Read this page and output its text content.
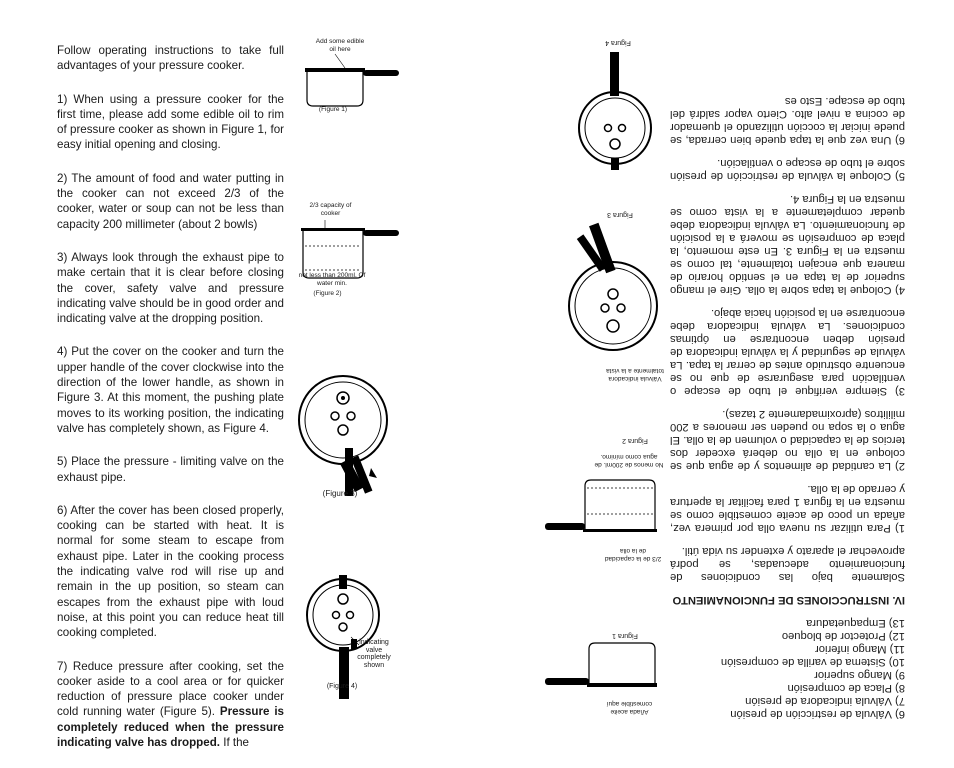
Follow operating instructions to take full advantages of your pressure cooker.

1) When using a pressure cooker for the first time, please add some edible oil to rim of pressure cooker as shown in Figure 1, for easy initial opening and closing.

2) The amount of food and water putting in the cooker can not exceed 2/3 of the cooker, water or soup can not be less than capacity 200 millimeter (about 2 bowls)

3) Always look through the exhaust pipe to make certain that it is clear before closing the cover, safety valve and pressure indicating valve should be in good order and indicating valve at the dropping position.

4) Put the cover on the cooker and turn the upper handle of the cover clockwise into the direction of the lower handle, as shown in Figure 3. At this moment, the pushing plate moves to its working position, the indicating valve has completely shown, as Figure 4.

5) Place the pressure - limiting valve on the exhaust pipe.

6) After the cover has been closed properly, cooking can be started with heat. It is normal for some steam to escape from exhaust pipe. Later in the cooking process the indicating valve rod will rise up and remain in the up position, so steam can escapes from the exhaust pipe with loud noise, at this point you can reduce heat till cooking completed.

7) Reduce pressure after cooking, set the cooker aside to a cool area or for quicker reduction of pressure place cooker under cold running water (Figure 5). Pressure is completely reduced when the pressure indicating valve has dropped. If the

Add some edible oil here
(Figure 1)
2/3 capacity of cooker
not less than 200ml. Of water min.
(Figure 2)
(Figure 3)
indicating valve completely shown
(Figure 4)
Añada aceite comestible aquí
Figura 1
2/3 de la capacidad de la olla
No menos de 200ml. de agua como mínimo.
Figura 2
Válvula indicadora totalmente a la vista
Figura 3
Figura 4
6) Válvula de restricción de presión
7) Válvula indicadora de presión
8) Placa de compresión
9) Mango superior
10) Sistema de varilla de compresión
11) Mango inferior
12) Protector de bloqueo
13) Empaquetadura

IV. INSTRUCCIONES DE FUNCIONAMIENTO

Solamente bajo las condiciones de funcionamiento adecuadas, se podrá aprovechar el aparato y extender su vida útil.

1) Para utilizar su nueva olla por primera vez, añada un poco de aceite comestible como se muestra en la figura 1 para facilitar la apertura y cerrado de la olla.

2) La cantidad de alimentos y de agua que se coloque en la olla no deberá exceder dos tercios de la capacidad o volumen de la olla. El agua o la sopa no pueden ser menores a 200 mililitros (aproximadamente 2 tazas).

3) Siempre verifique el tubo de escape o ventilación para asegurarse de que no se encuentre obstruido antes de cerrar la tapa. La válvula de seguridad y la válvula indicadora de presión deben encontrarse en óptimas condiciones. La válvula indicadora debe encontrarse en la posición hacia abajo.

4) Coloque la tapa sobre la olla. Gire el mango superior de la tapa en el sentido horario de manera que encajen totalmente, tal como se muestra en la Figura 3. En este momento, la placa de compresión se moverá a la posición de funcionamiento. La válvula indicadora debe quedar completamente a la vista como se muestra en la Figura 4.

5) Coloque la válvula de restricción de presión sobre el tubo de escape o ventilación.

6) Una vez que la tapa quede bien cerrada, se puede iniciar la cocción utilizando el quemador de cocina a nivel alto. Cierto vapor saldrá del tubo de escape. Esto es
